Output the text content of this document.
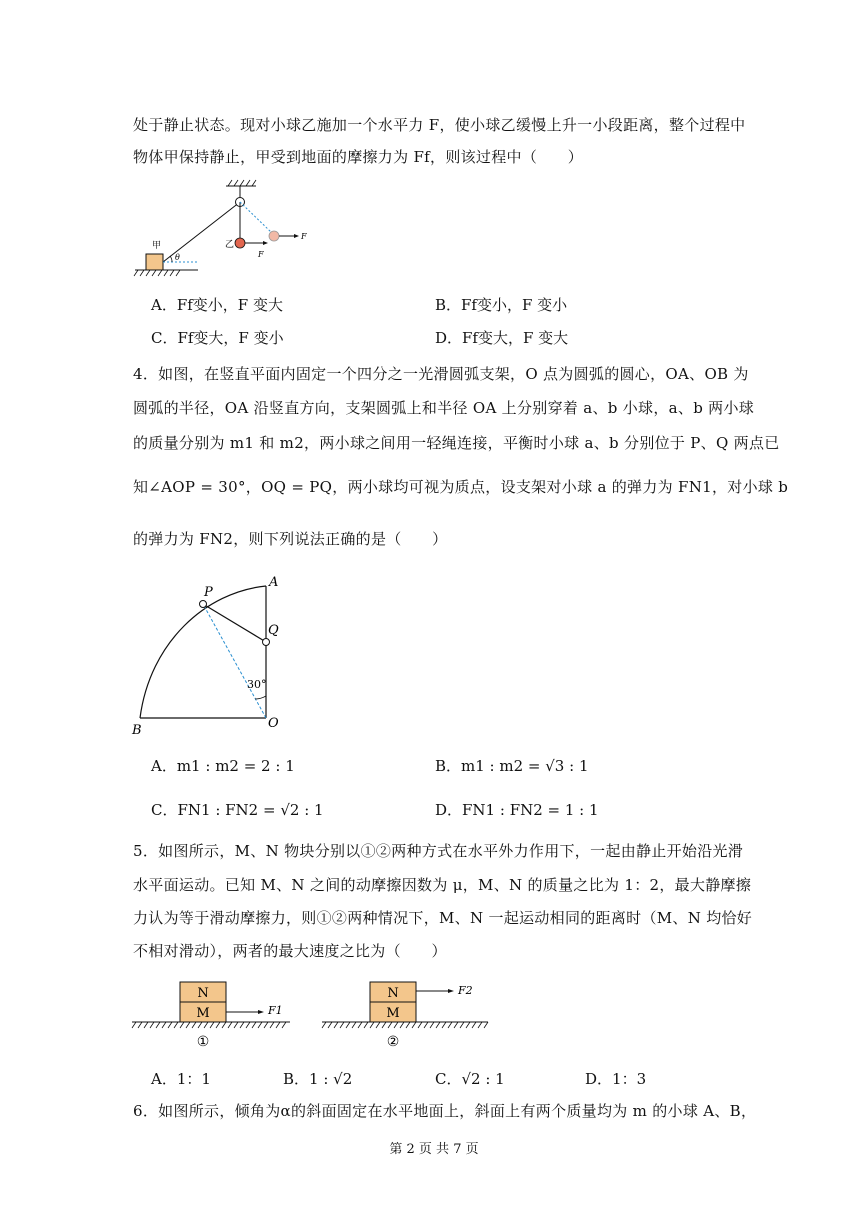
处于静止状态。现对小球乙施加一个水平力 F，使小球乙缓慢上升一小段距离，整个过程中
物体甲保持静止，甲受到地面的摩擦力为 Ff，则该过程中（　　）
甲
θ
乙
F
F
A．Ff变小，F 变大	B．Ff变小，F 变小
C．Ff变大，F 变小	D．Ff变大，F 变大
4．如图，在竖直平面内固定一个四分之一光滑圆弧支架，O 点为圆弧的圆心，OA、OB 为
圆弧的半径，OA 沿竖直方向，支架圆弧上和半径 OA 上分别穿着 a、b 小球，a、b 两小球
的质量分别为 m1 和 m2，两小球之间用一轻绳连接，平衡时小球 a、b 分别位于 P、Q 两点已
知∠AOP = 30°，OQ = PQ，两小球均可视为质点，设支架对小球 a 的弹力为 FN1，对小球 b
的弹力为 FN2，则下列说法正确的是（　　）
30°
P
A
Q
B	O
A．m1 : m2 = 2 : 1	B．m1 : m2 = √3 : 1
C．FN1 : FN2 = √2 : 1	D．FN1 : FN2 = 1 : 1
5．如图所示，M、N 物块分别以①②两种方式在水平外力作用下，一起由静止开始沿光滑
水平面运动。已知 M、N 之间的动摩擦因数为 μ，M、N 的质量之比为 1：2，最大静摩擦
力认为等于滑动摩擦力，则①②两种情况下，M、N 一起运动相同的距离时（M、N 均恰好
不相对滑动），两者的最大速度之比为（　　）
N
M	F1
①
N
M
F2
②
A．1：1	B．1 : √2	C．√2 : 1	D．1：3
6．如图所示，倾角为α的斜面固定在水平地面上，斜面上有两个质量均为 m 的小球 A、B，
第 2 页 共 7 页
